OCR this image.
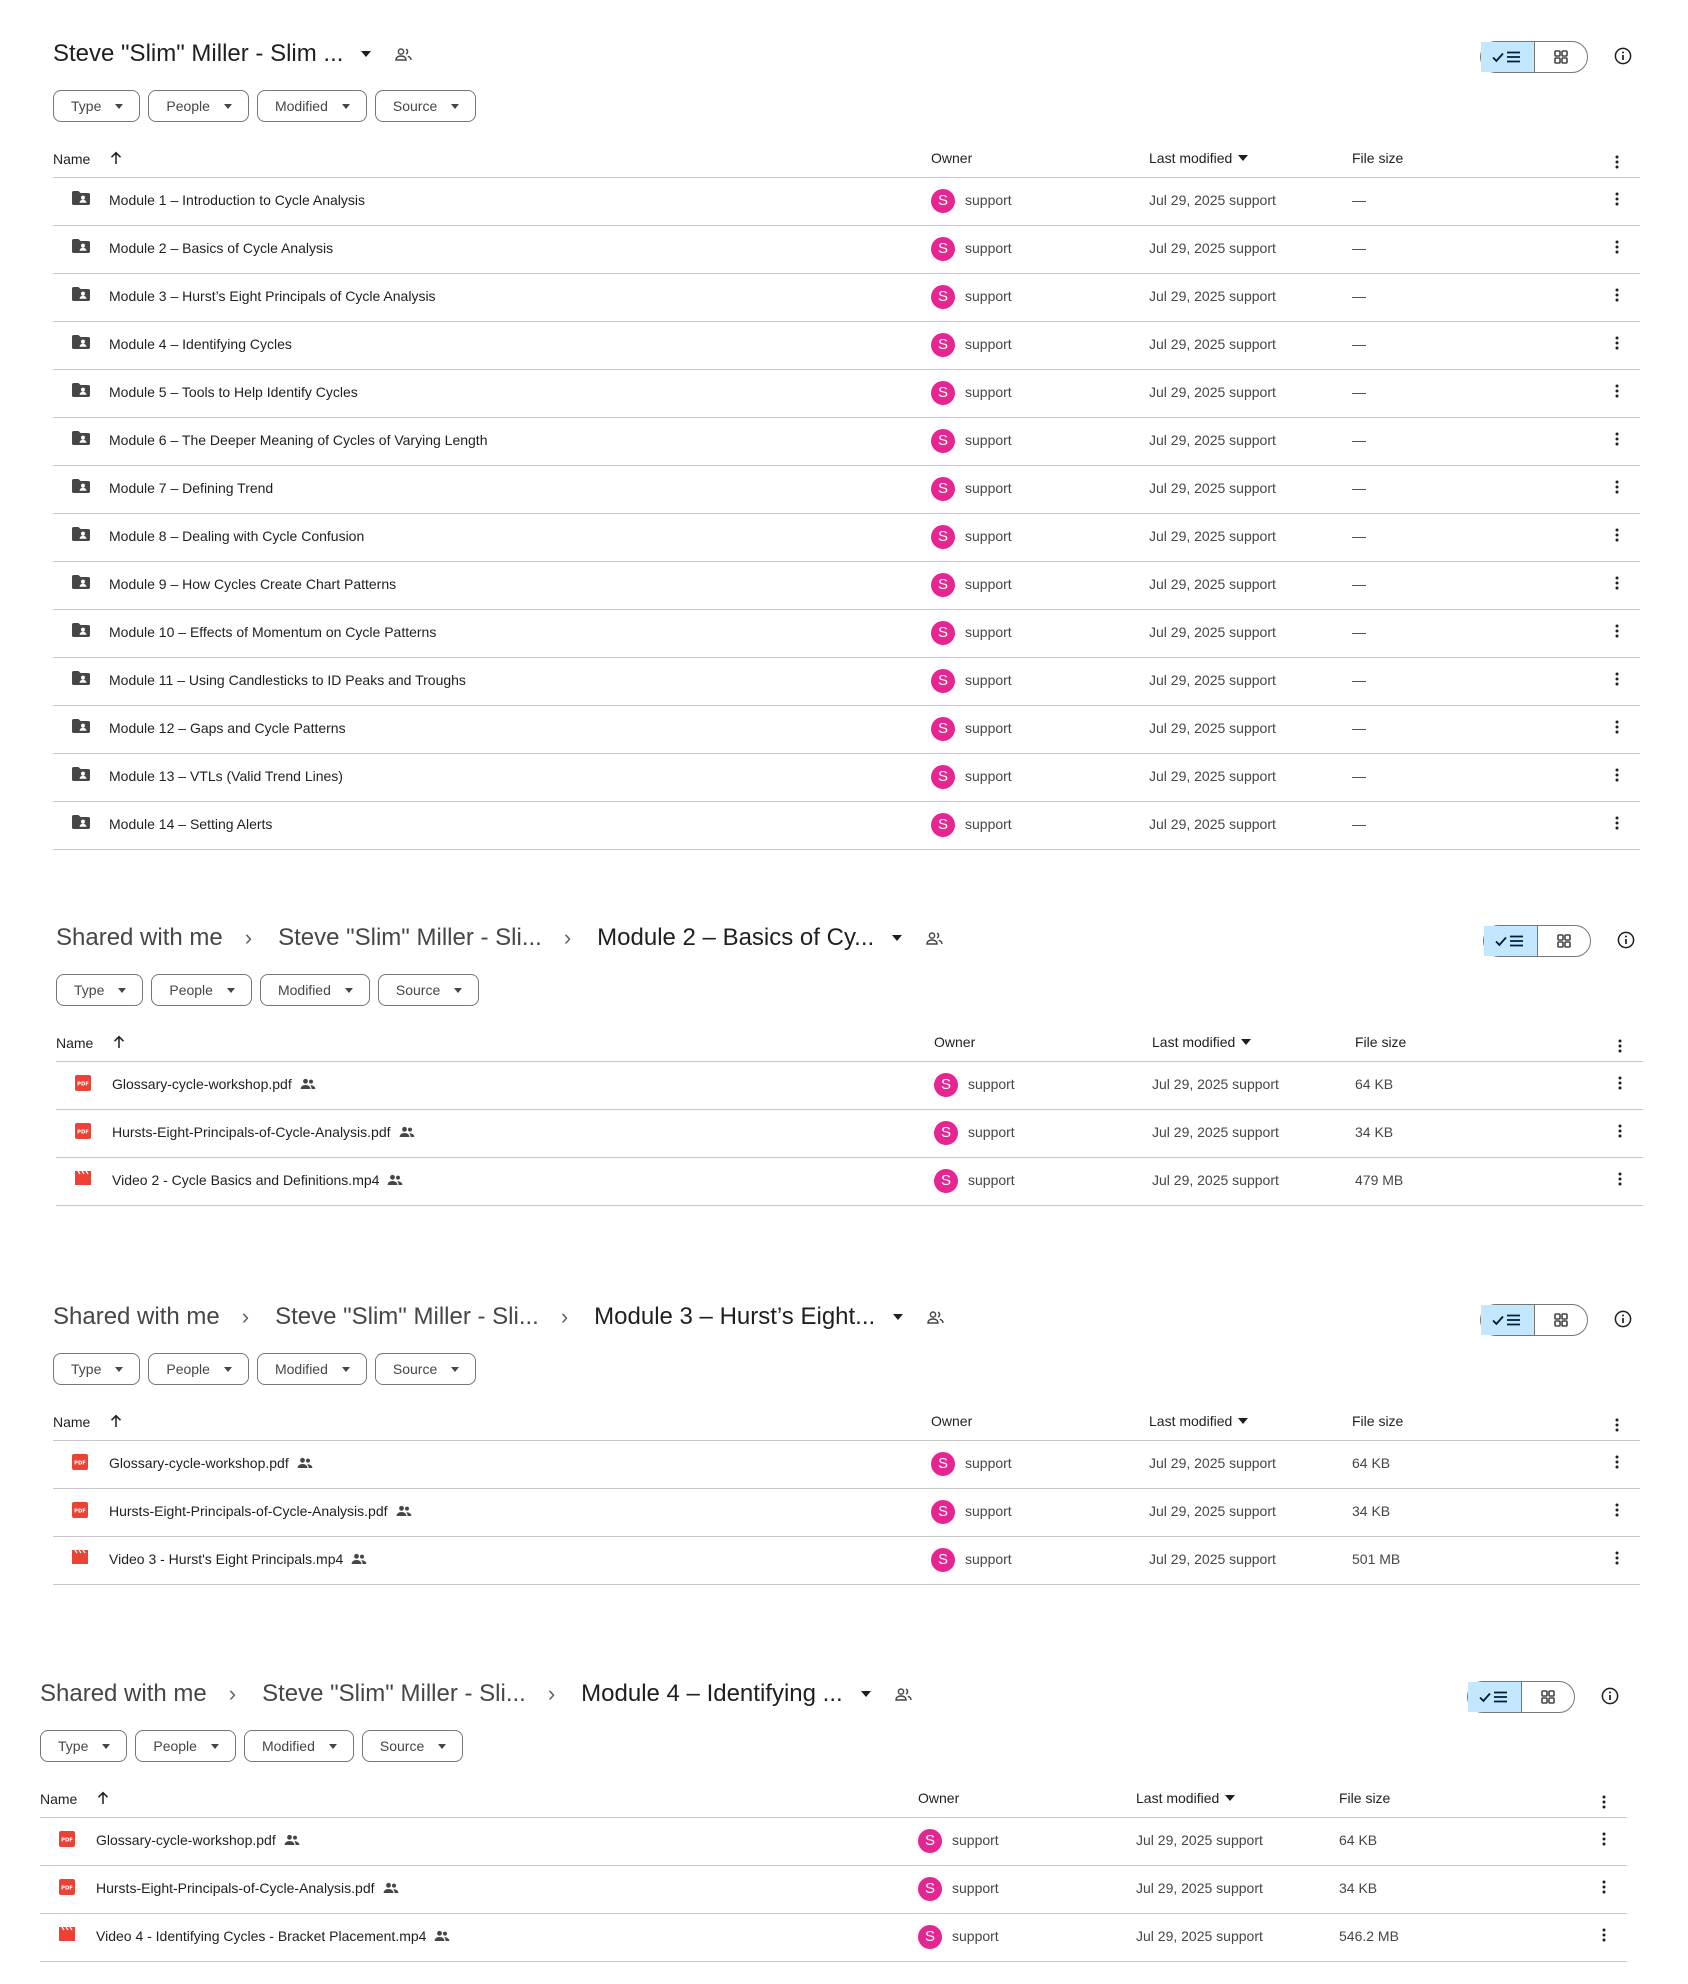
Steve "Slim" Miller - Slim ...
Type	People	Modified	Source
Name	Owner	Last modified	File size
Module 1 – Introduction to Cycle Analysis	S	support	Jul 29, 2025 support	—
Module 2 – Basics of Cycle Analysis	S	support	Jul 29, 2025 support	—
Module 3 – Hurst’s Eight Principals of Cycle Analysis	S	support	Jul 29, 2025 support	—
Module 4 – Identifying Cycles	S	support	Jul 29, 2025 support	—
Module 5 – Tools to Help Identify Cycles	S	support	Jul 29, 2025 support	—
Module 6 – The Deeper Meaning of Cycles of Varying Length	S	support	Jul 29, 2025 support	—
Module 7 – Defining Trend	S	support	Jul 29, 2025 support	—
Module 8 – Dealing with Cycle Confusion	S	support	Jul 29, 2025 support	—
Module 9 – How Cycles Create Chart Patterns	S	support	Jul 29, 2025 support	—
Module 10 – Effects of Momentum on Cycle Patterns	S	support	Jul 29, 2025 support	—
Module 11 – Using Candlesticks to ID Peaks and Troughs	S	support	Jul 29, 2025 support	—
Module 12 – Gaps and Cycle Patterns	S	support	Jul 29, 2025 support	—
Module 13 – VTLs (Valid Trend Lines)	S	support	Jul 29, 2025 support	—
Module 14 – Setting Alerts	S	support	Jul 29, 2025 support	—
Shared with me › Steve "Slim" Miller - Sli... › Module 2 – Basics of Cy...
Type	People	Modified	Source
Name	Owner	Last modified	File size
PDF Glossary-cycle-workshop.pdf	S	support	Jul 29, 2025 support	64 KB
PDF Hursts-Eight-Principals-of-Cycle-Analysis.pdf	S	support	Jul 29, 2025 support	34 KB
Video 2 - Cycle Basics and Definitions.mp4	S	support	Jul 29, 2025 support	479 MB
Shared with me › Steve "Slim" Miller - Sli... › Module 3 – Hurst’s Eight...
Type	People	Modified	Source
Name	Owner	Last modified	File size
PDF Glossary-cycle-workshop.pdf	S	support	Jul 29, 2025 support	64 KB
PDF Hursts-Eight-Principals-of-Cycle-Analysis.pdf	S	support	Jul 29, 2025 support	34 KB
Video 3 - Hurst's Eight Principals.mp4	S	support	Jul 29, 2025 support	501 MB
Shared with me › Steve "Slim" Miller - Sli... › Module 4 – Identifying ...
Type	People	Modified	Source
Name	Owner	Last modified	File size
PDF Glossary-cycle-workshop.pdf	S	support	Jul 29, 2025 support	64 KB
PDF Hursts-Eight-Principals-of-Cycle-Analysis.pdf	S	support	Jul 29, 2025 support	34 KB
Video 4 - Identifying Cycles - Bracket Placement.mp4	S	support	Jul 29, 2025 support	546.2 MB
